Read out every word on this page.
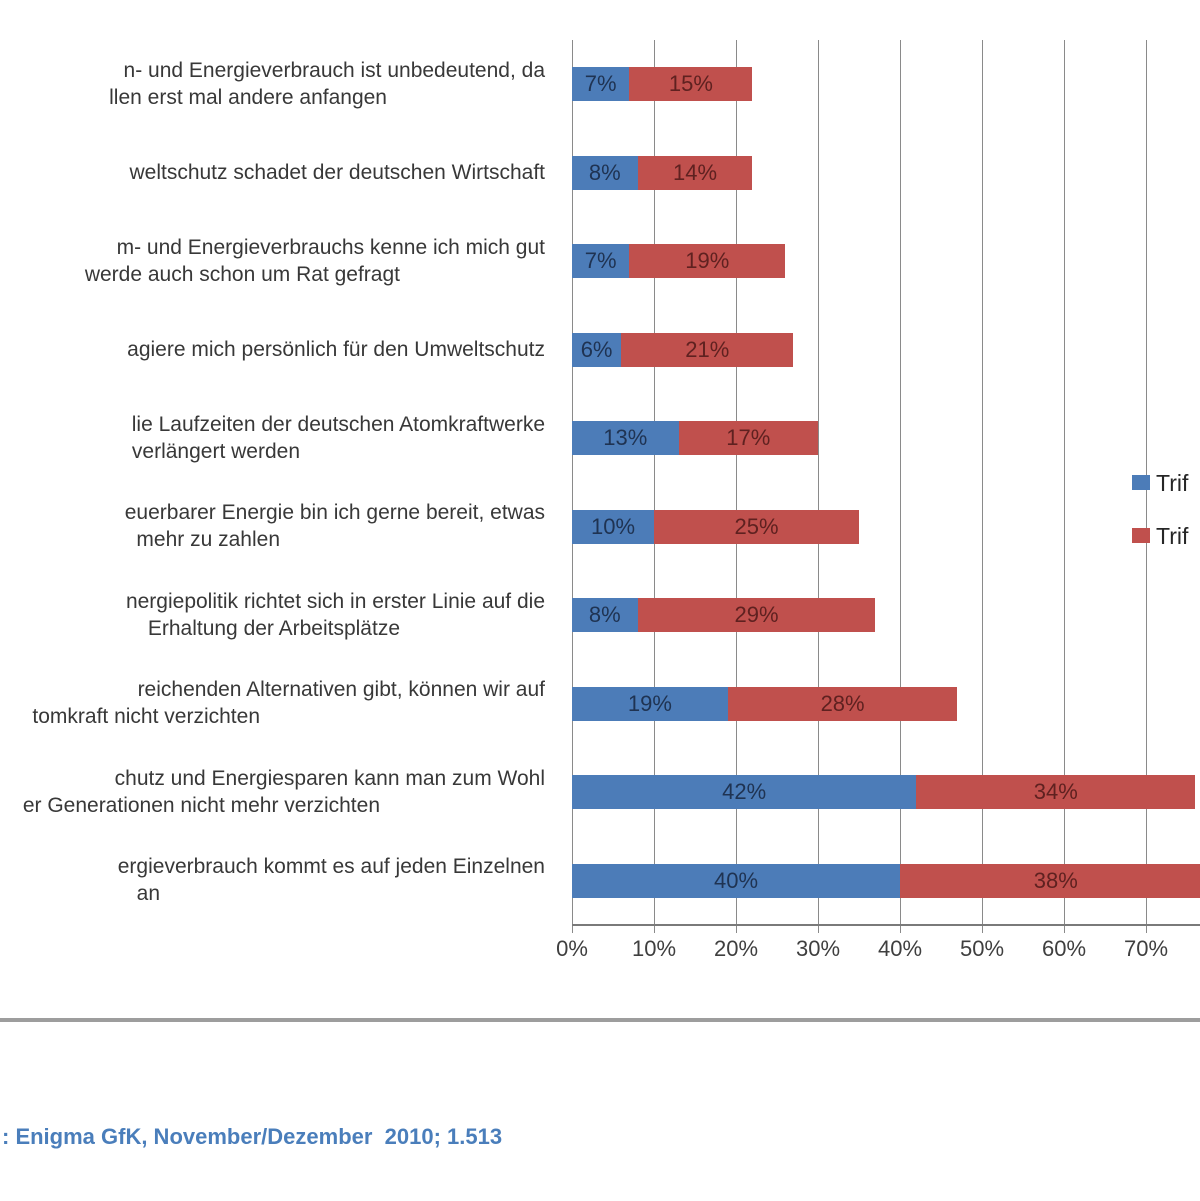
0% 10% 20% 30% 40% 50% 60% 70%
7% 15%
n- und Energieverbrauch ist unbedeutend, da
llen erst mal andere anfangen
8% 14%
weltschutz schadet der deutschen Wirtschaft
7%	19%
m- und Energieverbrauchs kenne ich mich gut
werde auch schon um Rat gefragt
6%	21%
agiere mich persönlich für den Umweltschutz
13%	17%
lie Laufzeiten der deutschen Atomkraftwerke
verlängert werden
10%	25%
euerbarer Energie bin ich gerne bereit, etwas
mehr zu zahlen
8%	29%
nergiepolitik richtet sich in erster Linie auf die
Erhaltung der Arbeitsplätze
19%	28%
reichenden Alternativen gibt, können wir auf
tomkraft nicht verzichten
42%	34%
chutz und Energiesparen kann man zum Wohl
er Generationen nicht mehr verzichten
40%	38%
ergieverbrauch kommt es auf jeden Einzelnen
an
Trif
Trif
: Enigma GfK, November/Dezember  2010; 1.513
